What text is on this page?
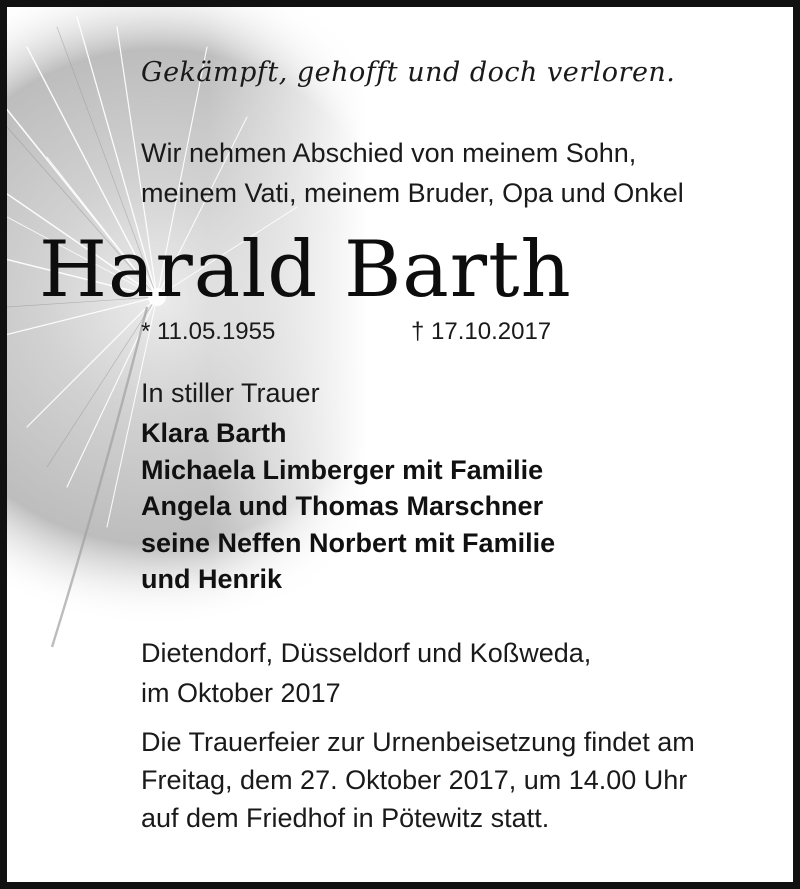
Gekämpft, gehofft und doch verloren.
Wir nehmen Abschied von meinem Sohn,
meinem Vati, meinem Bruder, Opa und Onkel
Harald Barth
* 11.05.1955	† 17.10.2017
In stiller Trauer
Klara Barth
Michaela Limberger mit Familie
Angela und Thomas Marschner
seine Neffen Norbert mit Familie
und Henrik
Dietendorf, Düsseldorf und Koßweda,
im Oktober 2017
Die Trauerfeier zur Urnenbeisetzung findet am
Freitag, dem 27. Oktober 2017, um 14.00 Uhr
auf dem Friedhof in Pötewitz statt.
